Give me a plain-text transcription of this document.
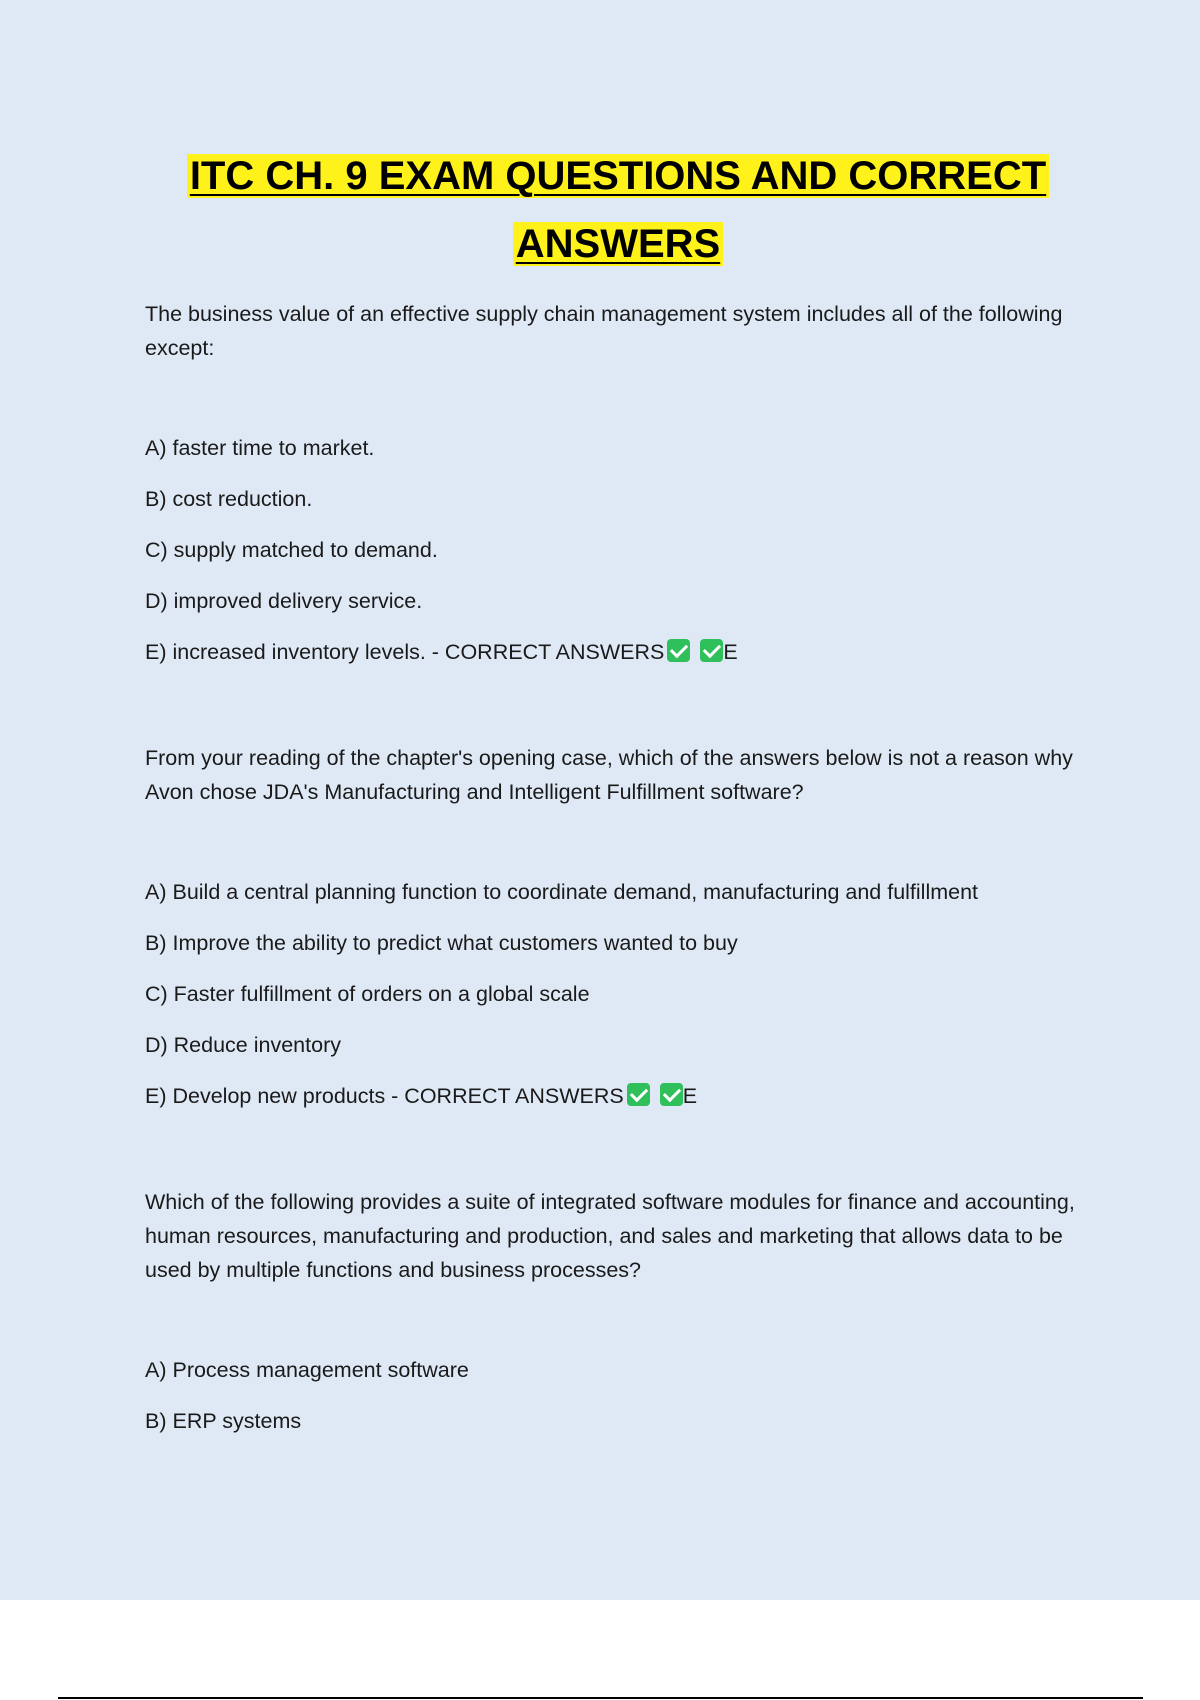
ITC CH. 9 EXAM QUESTIONS AND CORRECT
ANSWERS

The business value of an effective supply chain management system includes all of the following except:

A) faster time to market.
B) cost reduction.
C) supply matched to demand.
D) improved delivery service.
E) increased inventory levels. - CORRECT ANSWERS	E

From your reading of the chapter's opening case, which of the answers below is not a reason why Avon chose JDA's Manufacturing and Intelligent Fulfillment software?

A) Build a central planning function to coordinate demand, manufacturing and fulfillment
B) Improve the ability to predict what customers wanted to buy
C) Faster fulfillment of orders on a global scale
D) Reduce inventory
E) Develop new products - CORRECT ANSWERS	E

Which of the following provides a suite of integrated software modules for finance and accounting, human resources, manufacturing and production, and sales and marketing that allows data to be used by multiple functions and business processes?

A) Process management software
B) ERP systems
